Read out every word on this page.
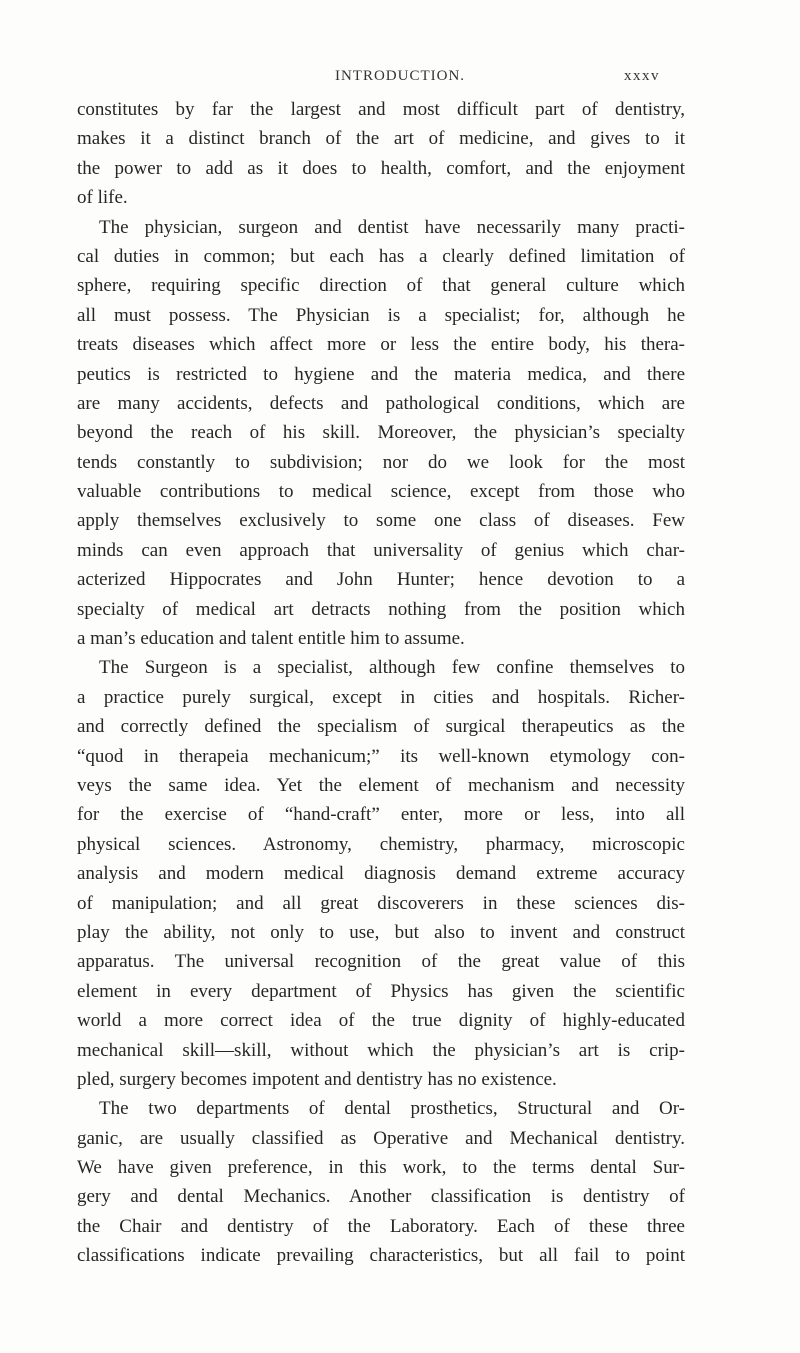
INTRODUCTION.	xxxv
constitutes by far the largest and most difficult part of dentistry,
makes it a distinct branch of the art of medicine, and gives to it
the power to add as it does to health, comfort, and the enjoyment
of life.
The physician, surgeon and dentist have necessarily many practi-
cal duties in common; but each has a clearly defined limitation of
sphere, requiring specific direction of that general culture which
all must possess. The Physician is a specialist; for, although he
treats diseases which affect more or less the entire body, his thera-
peutics is restricted to hygiene and the materia medica, and there
are many accidents, defects and pathological conditions, which are
beyond the reach of his skill. Moreover, the physician’s specialty
tends constantly to subdivision; nor do we look for the most
valuable contributions to medical science, except from those who
apply themselves exclusively to some one class of diseases. Few
minds can even approach that universality of genius which char-
acterized Hippocrates and John Hunter; hence devotion to a
specialty of medical art detracts nothing from the position which
a man’s education and talent entitle him to assume.
The Surgeon is a specialist, although few confine themselves to
a practice purely surgical, except in cities and hospitals. Richer-
and correctly defined the specialism of surgical therapeutics as the
“quod in therapeia mechanicum;” its well-known etymology con-
veys the same idea. Yet the element of mechanism and necessity
for the exercise of “hand-craft” enter, more or less, into all
physical sciences. Astronomy, chemistry, pharmacy, microscopic
analysis and modern medical diagnosis demand extreme accuracy
of manipulation; and all great discoverers in these sciences dis-
play the ability, not only to use, but also to invent and construct
apparatus. The universal recognition of the great value of this
element in every department of Physics has given the scientific
world a more correct idea of the true dignity of highly-educated
mechanical skill—skill, without which the physician’s art is crip-
pled, surgery becomes impotent and dentistry has no existence.
The two departments of dental prosthetics, Structural and Or-
ganic, are usually classified as Operative and Mechanical dentistry.
We have given preference, in this work, to the terms dental Sur-
gery and dental Mechanics. Another classification is dentistry of
the Chair and dentistry of the Laboratory. Each of these three
classifications indicate prevailing characteristics, but all fail to point
